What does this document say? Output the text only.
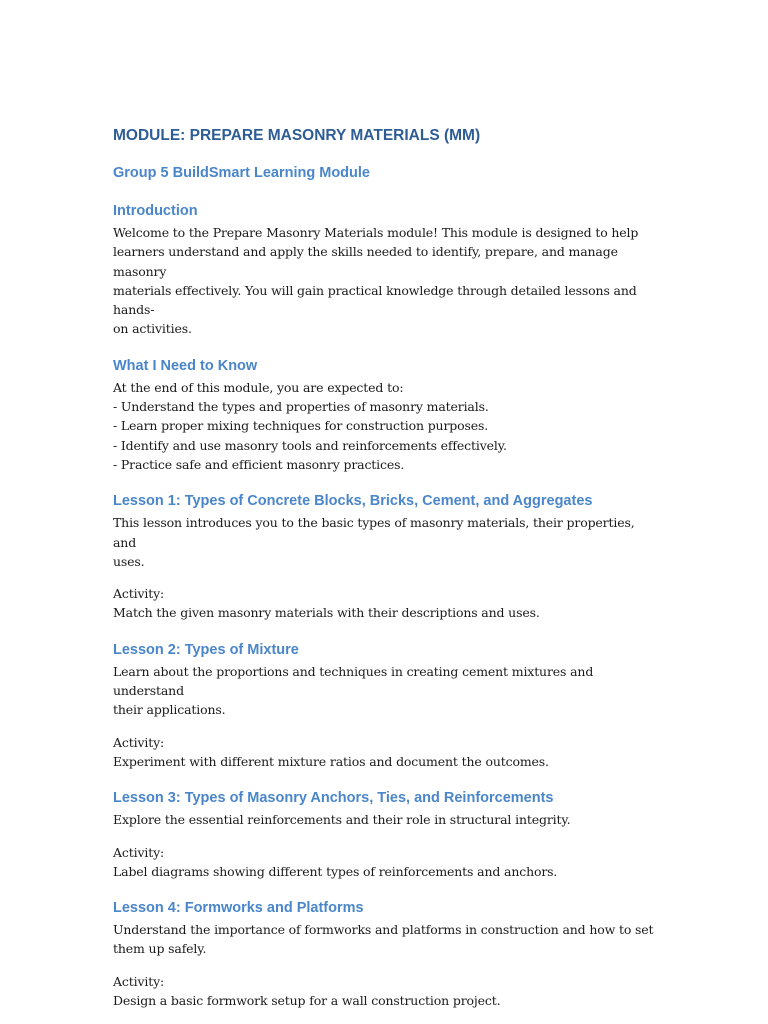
MODULE: PREPARE MASONRY MATERIALS (MM)
Group 5 BuildSmart Learning Module
Introduction

Welcome to the Prepare Masonry Materials module! This module is designed to help
learners understand and apply the skills needed to identify, prepare, and manage masonry
materials effectively. You will gain practical knowledge through detailed lessons and hands-
on activities.

What I Need to Know

At the end of this module, you are expected to:
- Understand the types and properties of masonry materials.
- Learn proper mixing techniques for construction purposes.
- Identify and use masonry tools and reinforcements effectively.
- Practice safe and efficient masonry practices.

Lesson 1: Types of Concrete Blocks, Bricks, Cement, and Aggregates

This lesson introduces you to the basic types of masonry materials, their properties, and
uses.

Activity:
Match the given masonry materials with their descriptions and uses.

Lesson 2: Types of Mixture

Learn about the proportions and techniques in creating cement mixtures and understand
their applications.

Activity:
Experiment with different mixture ratios and document the outcomes.

Lesson 3: Types of Masonry Anchors, Ties, and Reinforcements

Explore the essential reinforcements and their role in structural integrity.

Activity:
Label diagrams showing different types of reinforcements and anchors.

Lesson 4: Formworks and Platforms

Understand the importance of formworks and platforms in construction and how to set
them up safely.

Activity:
Design a basic formwork setup for a wall construction project.
